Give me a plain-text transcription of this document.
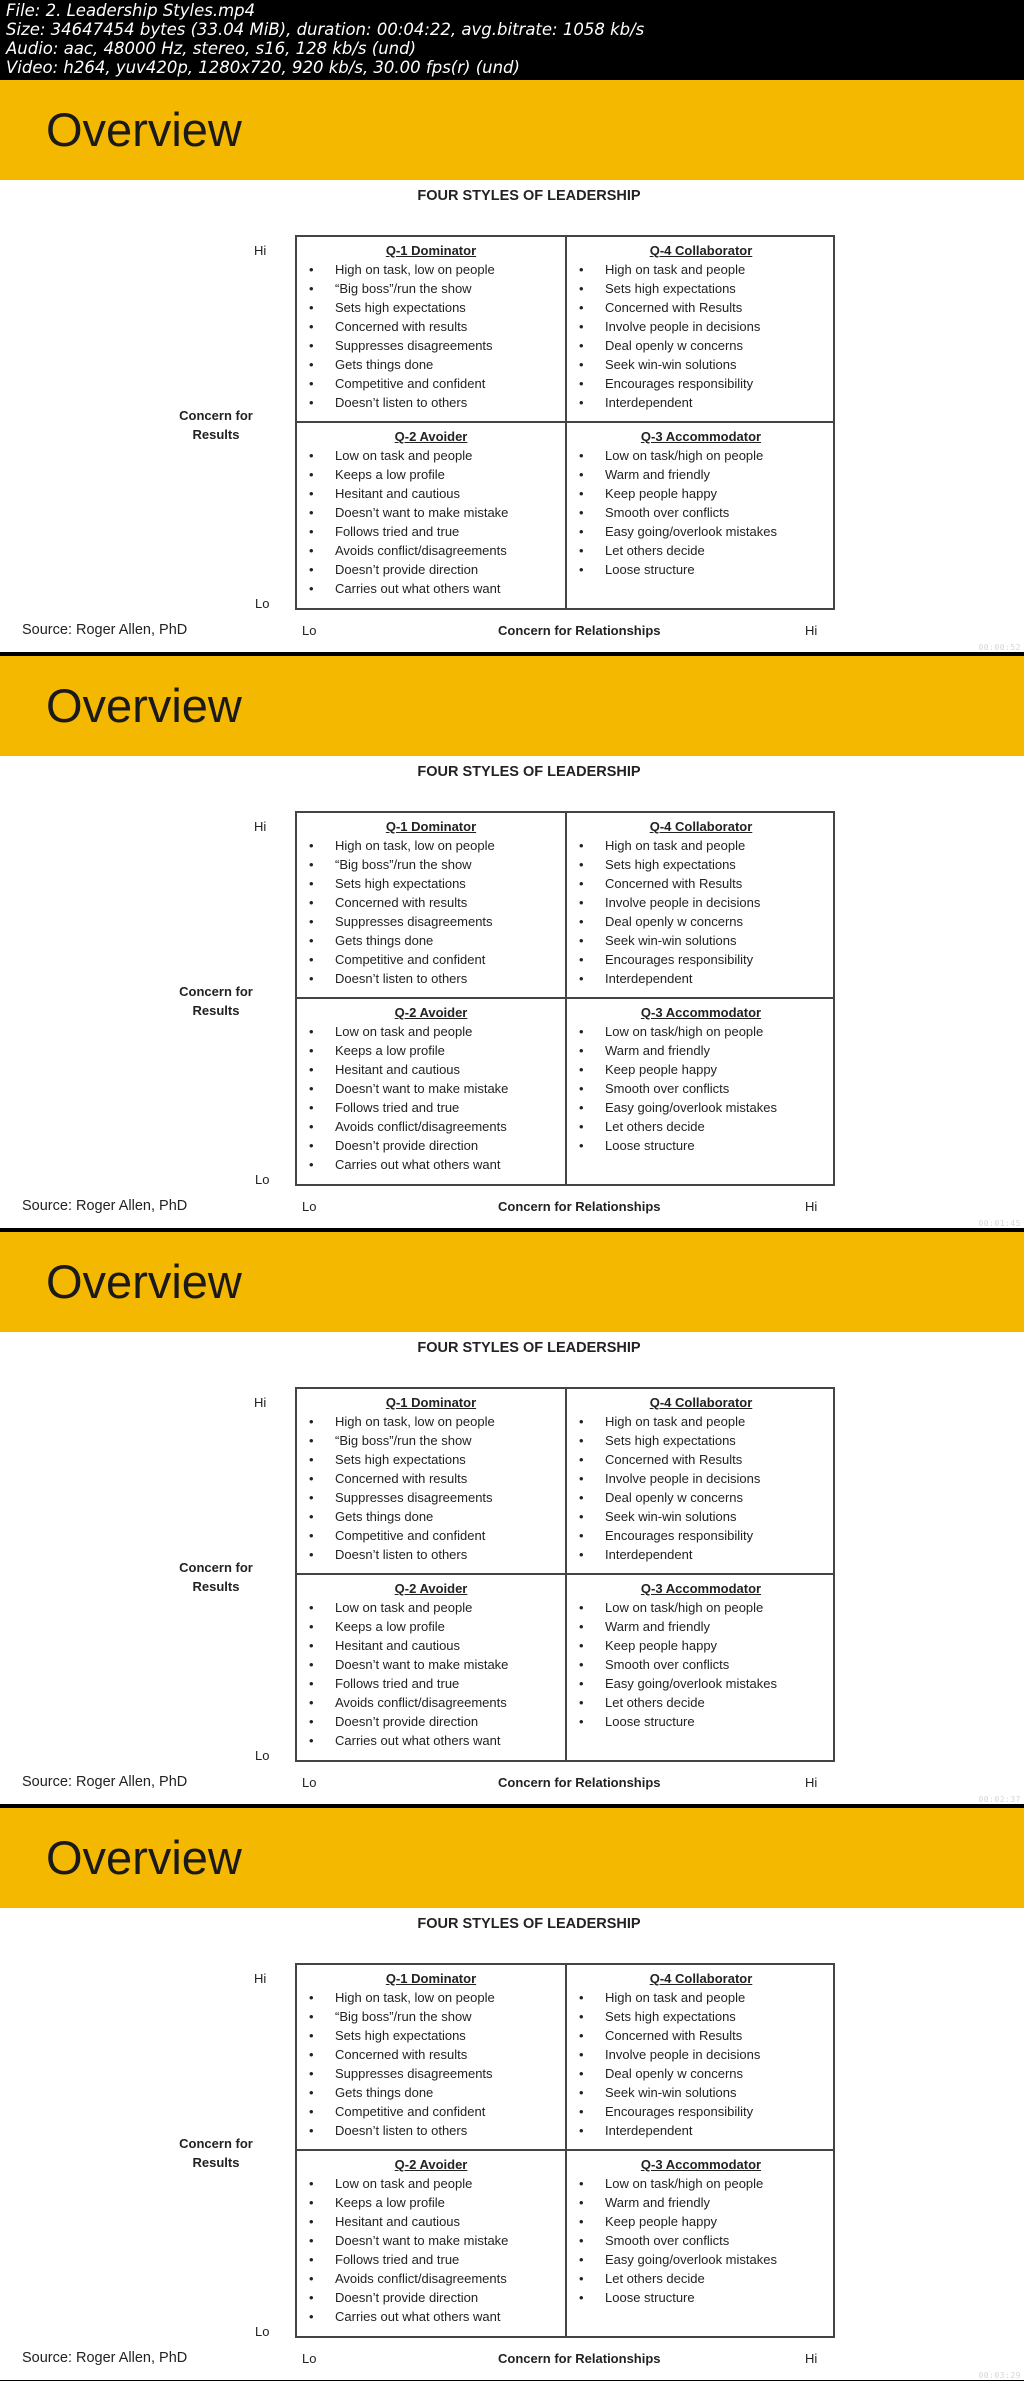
File: 2. Leadership Styles.mp4
Size: 34647454 bytes (33.04 MiB), duration: 00:04:22, avg.bitrate: 1058 kb/s
Audio: aac, 48000 Hz, stereo, s16, 128 kb/s (und)
Video: h264, yuv420p, 1280x720, 920 kb/s, 30.00 fps(r) (und)
Overview
FOUR STYLES OF LEADERSHIP
Hi
Lo
Concern for
Results
Q-1 Dominator
• High on task, low on people
• “Big boss”/run the show
• Sets high expectations
• Concerned with results
• Suppresses disagreements
• Gets things done
• Competitive and confident
• Doesn’t listen to others
Q-4 Collaborator
• High on task and people
• Sets high expectations
• Concerned with Results
• Involve people in decisions
• Deal openly w concerns
• Seek win-win solutions
• Encourages responsibility
• Interdependent
Q-2 Avoider
• Low on task and people
• Keeps a low profile
• Hesitant and cautious
• Doesn’t want to make mistake
• Follows tried and true
• Avoids conflict/disagreements
• Doesn’t provide direction
• Carries out what others want
Q-3 Accommodator
• Low on task/high on people
• Warm and friendly
• Keep people happy
• Smooth over conflicts
• Easy going/overlook mistakes
• Let others decide
• Loose structure
Source: Roger Allen, PhD	Lo	Concern for Relationships	Hi
00:00:52
Overview
FOUR STYLES OF LEADERSHIP
Hi
Lo
Concern for
Results
Q-1 Dominator
• High on task, low on people
• “Big boss”/run the show
• Sets high expectations
• Concerned with results
• Suppresses disagreements
• Gets things done
• Competitive and confident
• Doesn’t listen to others
Q-4 Collaborator
• High on task and people
• Sets high expectations
• Concerned with Results
• Involve people in decisions
• Deal openly w concerns
• Seek win-win solutions
• Encourages responsibility
• Interdependent
Q-2 Avoider
• Low on task and people
• Keeps a low profile
• Hesitant and cautious
• Doesn’t want to make mistake
• Follows tried and true
• Avoids conflict/disagreements
• Doesn’t provide direction
• Carries out what others want
Q-3 Accommodator
• Low on task/high on people
• Warm and friendly
• Keep people happy
• Smooth over conflicts
• Easy going/overlook mistakes
• Let others decide
• Loose structure
Source: Roger Allen, PhD	Lo	Concern for Relationships	Hi
00:01:45
Overview
FOUR STYLES OF LEADERSHIP
Hi
Lo
Concern for
Results
Q-1 Dominator
• High on task, low on people
• “Big boss”/run the show
• Sets high expectations
• Concerned with results
• Suppresses disagreements
• Gets things done
• Competitive and confident
• Doesn’t listen to others
Q-4 Collaborator
• High on task and people
• Sets high expectations
• Concerned with Results
• Involve people in decisions
• Deal openly w concerns
• Seek win-win solutions
• Encourages responsibility
• Interdependent
Q-2 Avoider
• Low on task and people
• Keeps a low profile
• Hesitant and cautious
• Doesn’t want to make mistake
• Follows tried and true
• Avoids conflict/disagreements
• Doesn’t provide direction
• Carries out what others want
Q-3 Accommodator
• Low on task/high on people
• Warm and friendly
• Keep people happy
• Smooth over conflicts
• Easy going/overlook mistakes
• Let others decide
• Loose structure
Source: Roger Allen, PhD	Lo	Concern for Relationships	Hi
00:02:37
Overview
FOUR STYLES OF LEADERSHIP
Hi
Lo
Concern for
Results
Q-1 Dominator
• High on task, low on people
• “Big boss”/run the show
• Sets high expectations
• Concerned with results
• Suppresses disagreements
• Gets things done
• Competitive and confident
• Doesn’t listen to others
Q-4 Collaborator
• High on task and people
• Sets high expectations
• Concerned with Results
• Involve people in decisions
• Deal openly w concerns
• Seek win-win solutions
• Encourages responsibility
• Interdependent
Q-2 Avoider
• Low on task and people
• Keeps a low profile
• Hesitant and cautious
• Doesn’t want to make mistake
• Follows tried and true
• Avoids conflict/disagreements
• Doesn’t provide direction
• Carries out what others want
Q-3 Accommodator
• Low on task/high on people
• Warm and friendly
• Keep people happy
• Smooth over conflicts
• Easy going/overlook mistakes
• Let others decide
• Loose structure
Source: Roger Allen, PhD	Lo	Concern for Relationships	Hi
00:03:29
